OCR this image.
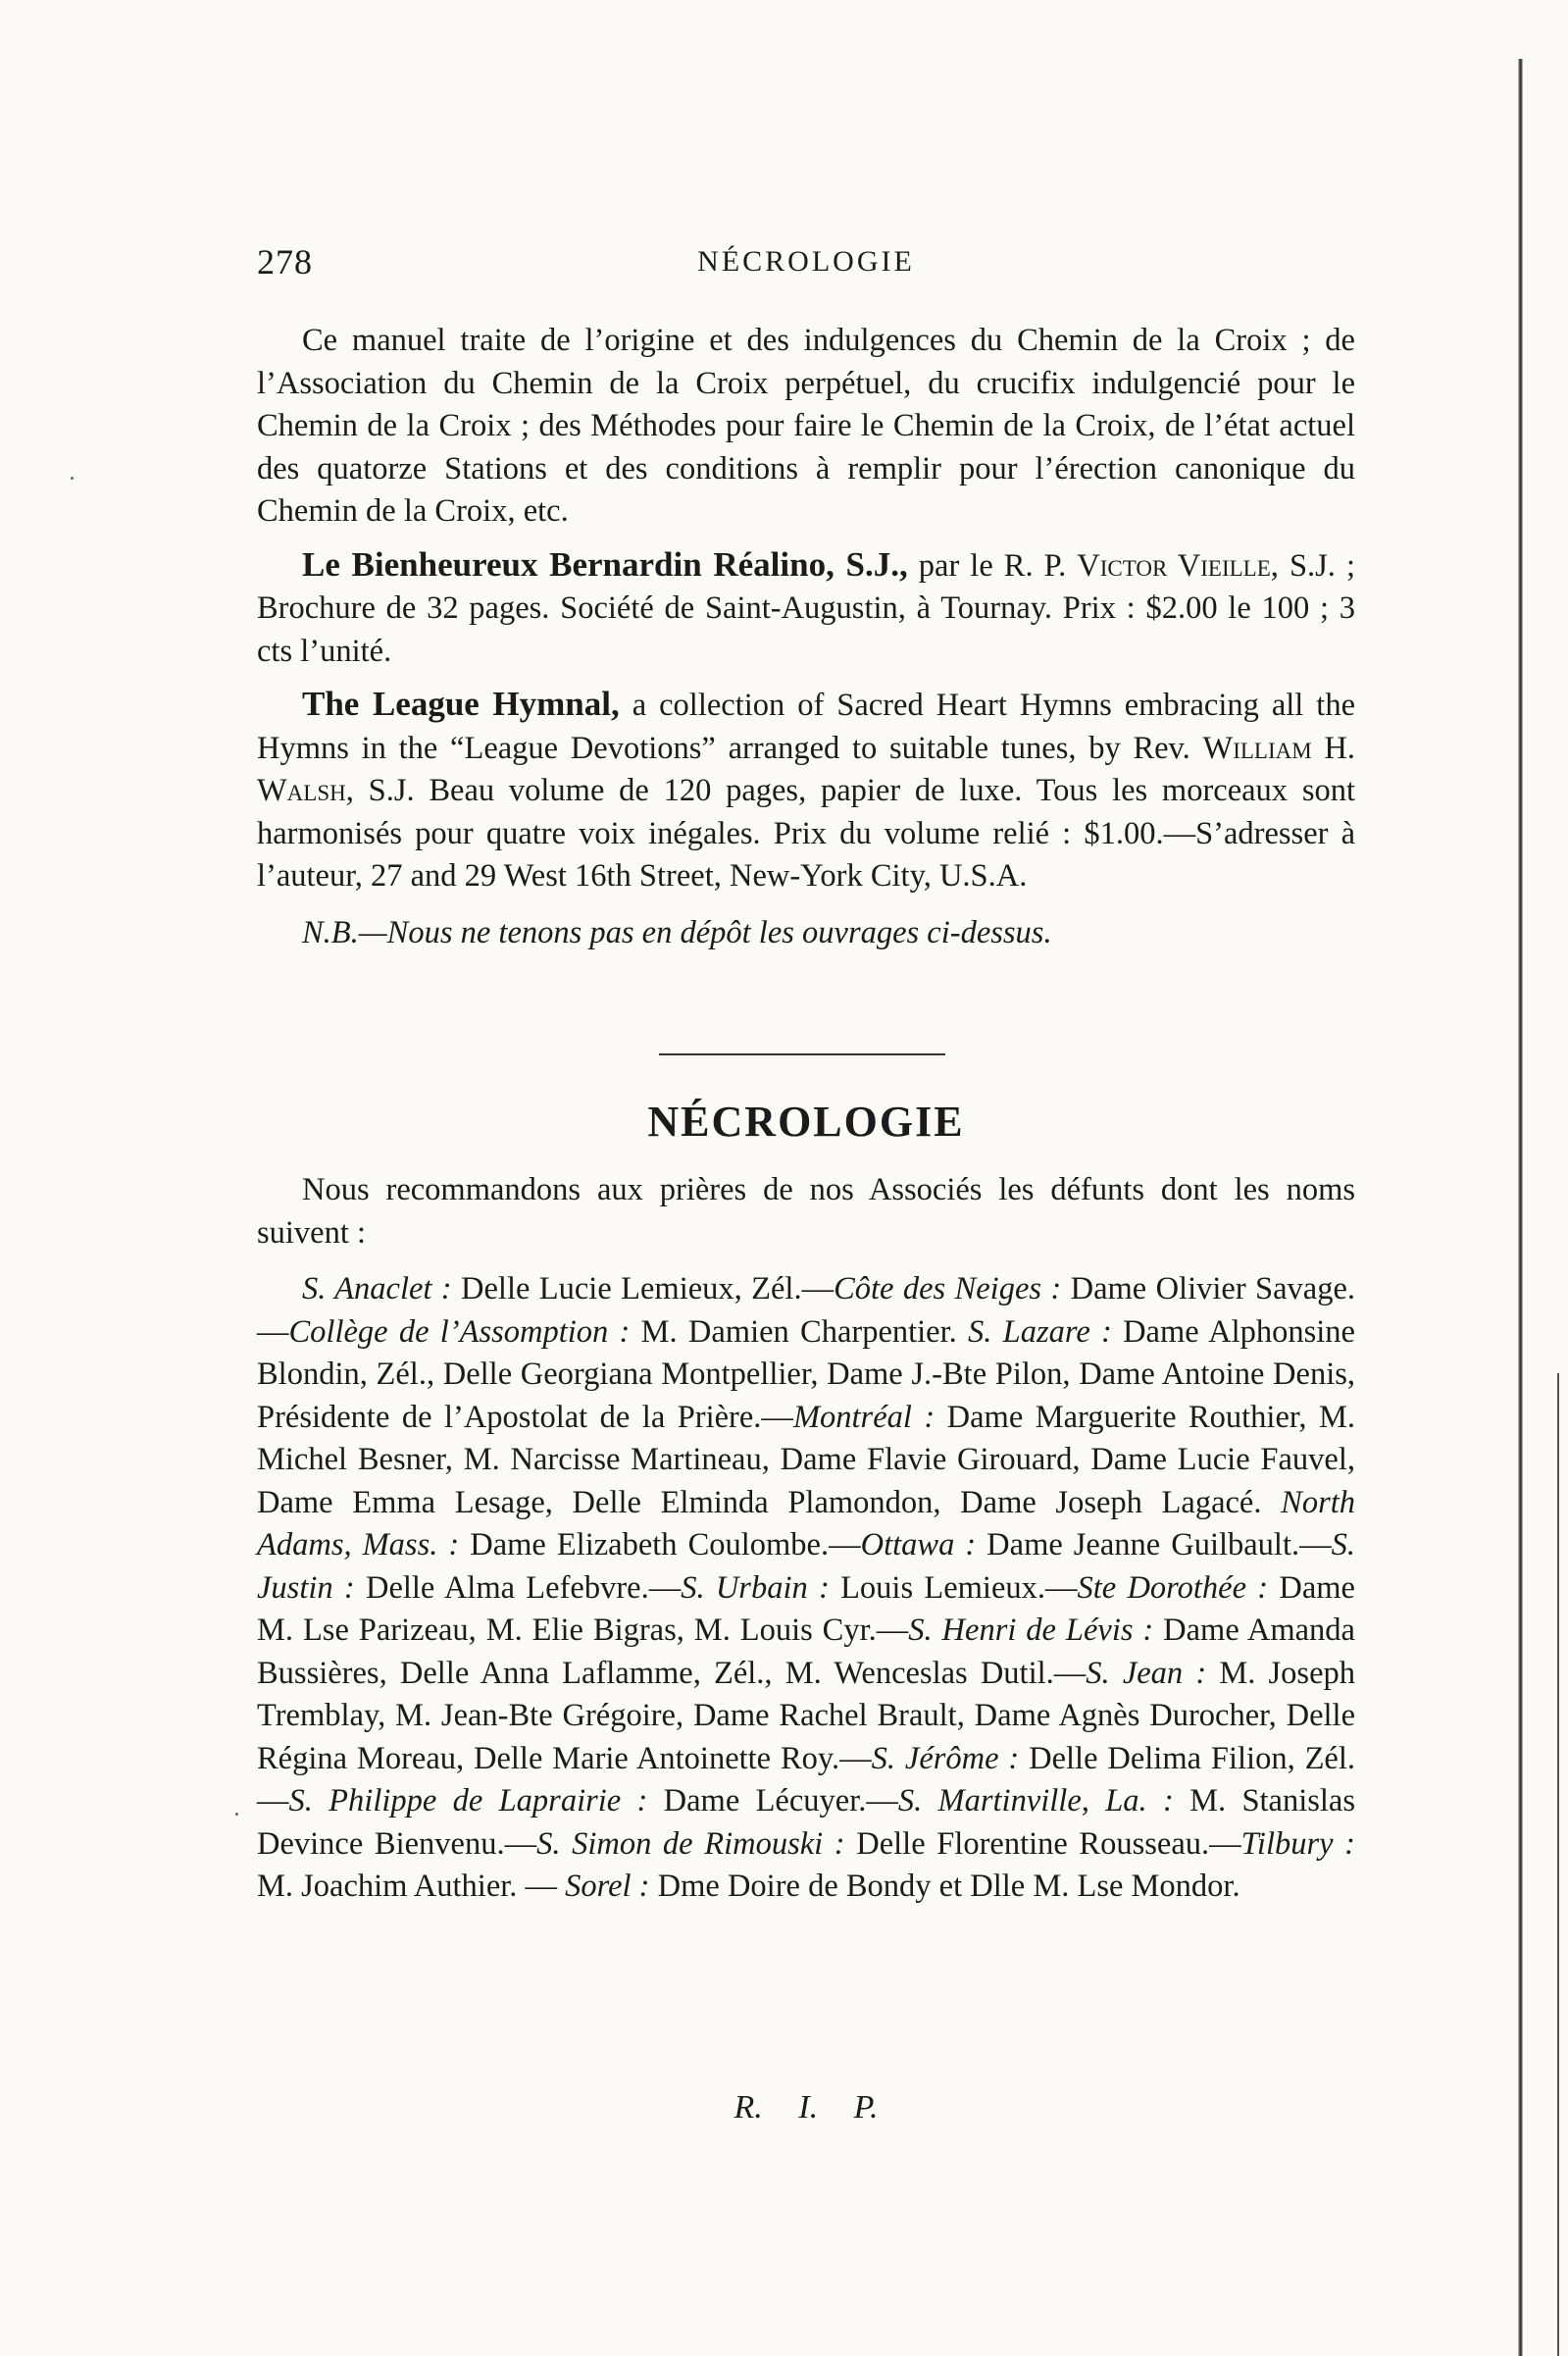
278	NÉCROLOGIE

Ce manuel traite de l’origine et des indulgences du Chemin de la Croix ; de l’Association du Chemin de la Croix perpétuel, du crucifix indulgencié pour le Chemin de la Croix ; des Méthodes pour faire le Chemin de la Croix, de l’état actuel des quatorze Stations et des conditions à remplir pour l’érection canonique du Chemin de la Croix, etc.

Le Bienheureux Bernardin Réalino, S.J., par le R. P. Victor Vieille, S.J. ; Brochure de 32 pages. Société de Saint-Augustin, à Tournay. Prix : $2.00 le 100 ; 3 cts l’unité.

The League Hymnal, a collection of Sacred Heart Hymns embracing all the Hymns in the “League Devotions” arranged to suitable tunes, by Rev. William H. Walsh, S.J. Beau volume de 120 pages, papier de luxe. Tous les morceaux sont harmonisés pour quatre voix inégales. Prix du volume relié : $1.00.—S’adresser à l’auteur, 27 and 29 West 16th Street, New-York City, U.S.A.

N.B.—Nous ne tenons pas en dépôt les ouvrages ci-dessus.

NÉCROLOGIE

Nous recommandons aux prières de nos Associés les défunts dont les noms suivent :

S. Anaclet : Delle Lucie Lemieux, Zél.—Côte des Neiges : Dame Olivier Savage.—Collège de l’Assomption : M. Damien Charpentier. S. Lazare : Dame Alphonsine Blondin, Zél., Delle Georgiana Montpellier, Dame J.-Bte Pilon, Dame Antoine Denis, Présidente de l’Apostolat de la Prière.—Montréal : Dame Marguerite Routhier, M. Michel Besner, M. Narcisse Martineau, Dame Flavie Girouard, Dame Lucie Fauvel, Dame Emma Lesage, Delle Elminda Plamondon, Dame Joseph Lagacé. North Adams, Mass. : Dame Elizabeth Coulombe.—Ottawa : Dame Jeanne Guilbault.—S. Justin : Delle Alma Lefebvre.—S. Urbain : Louis Lemieux.—Ste Dorothée : Dame M. Lse Parizeau, M. Elie Bigras, M. Louis Cyr.—S. Henri de Lévis : Dame Amanda Bussières, Delle Anna Laflamme, Zél., M. Wenceslas Dutil.—S. Jean : M. Joseph Tremblay, M. Jean-Bte Grégoire, Dame Rachel Brault, Dame Agnès Durocher, Delle Régina Moreau, Delle Marie Antoinette Roy.—S. Jérôme : Delle Delima Filion, Zél.—S. Philippe de Laprairie : Dame Lécuyer.—S. Martinville, La. : M. Stanislas Devince Bienvenu.—S. Simon de Rimouski : Delle Florentine Rousseau.—Tilbury : M. Joachim Authier. — Sorel : Dme Doire de Bondy et Dlle M. Lse Mondor.

R. I. P.
